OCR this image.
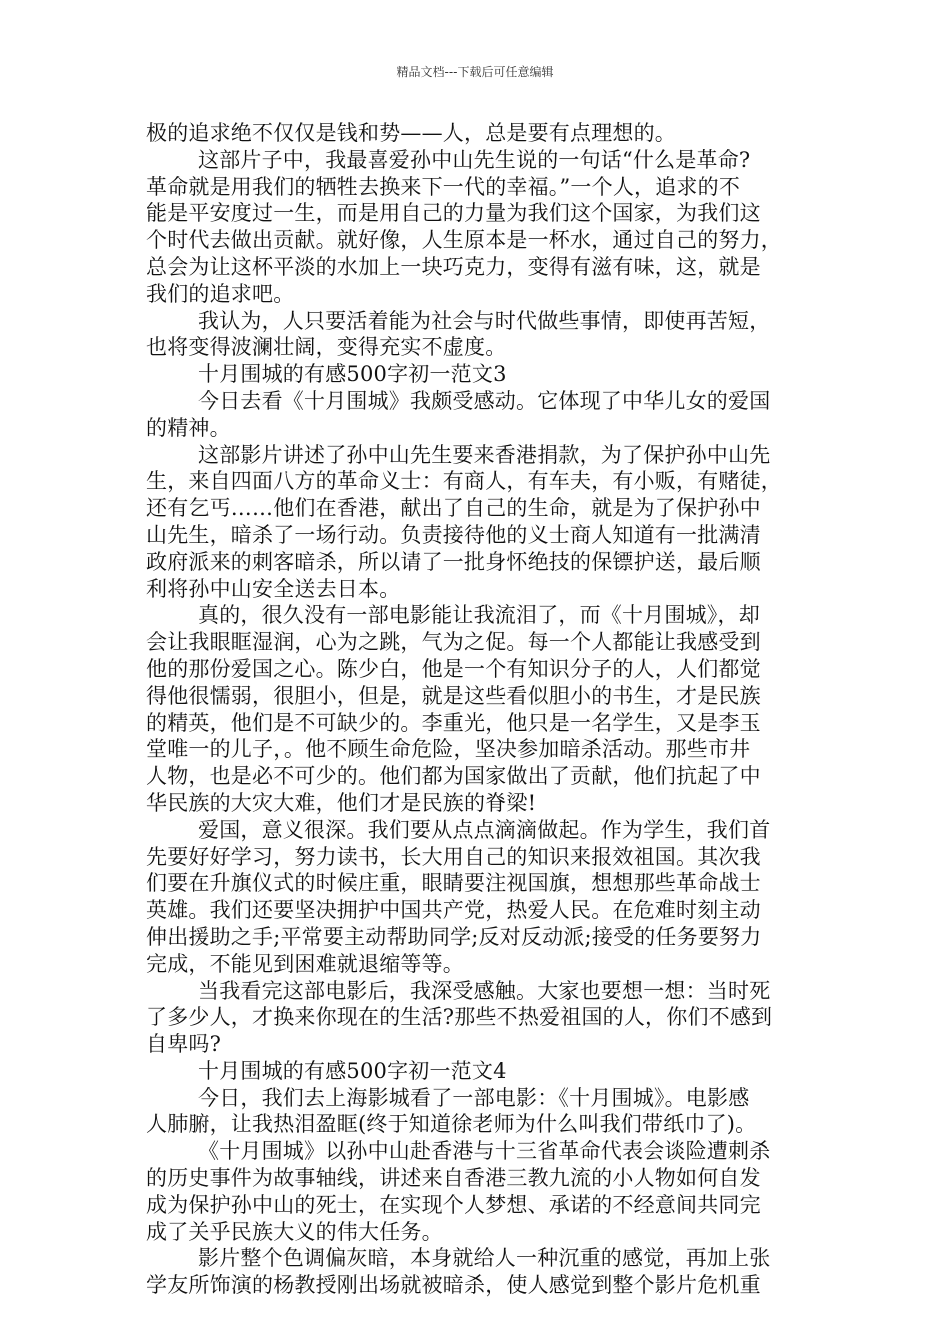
精品文档---下载后可任意编辑
极的追求绝不仅仅是钱和势——人，总是要有点理想的。
这部片子中，我最喜爱孙中山先生说的一句话“什么是革命?
革命就是用我们的牺牲去换来下一代的幸福。”一个人，追求的不
能是平安度过一生，而是用自己的力量为我们这个国家，为我们这
个时代去做出贡献。就好像，人生原本是一杯水，通过自己的努力，
总会为让这杯平淡的水加上一块巧克力，变得有滋有味，这，就是
我们的追求吧。
我认为，人只要活着能为社会与时代做些事情，即使再苦短，
也将变得波澜壮阔，变得充实不虚度。
十月围城的有感500字初一范文3
今日去看《十月围城》我颇受感动。它体现了中华儿女的爱国
的精神。
这部影片讲述了孙中山先生要来香港捐款，为了保护孙中山先
生，来自四面八方的革命义士：有商人，有车夫，有小贩，有赌徒，
还有乞丐……他们在香港，献出了自己的生命，就是为了保护孙中
山先生，暗杀了一场行动。负责接待他的义士商人知道有一批满清
政府派来的刺客暗杀，所以请了一批身怀绝技的保镖护送，最后顺
利将孙中山安全送去日本。
真的，很久没有一部电影能让我流泪了，而《十月围城》，却
会让我眼眶湿润，心为之跳，气为之促。每一个人都能让我感受到
他的那份爱国之心。陈少白，他是一个有知识分子的人，人们都觉
得他很懦弱，很胆小，但是，就是这些看似胆小的书生，才是民族
的精英，他们是不可缺少的。李重光，他只是一名学生，又是李玉
堂唯一的儿子，。他不顾生命危险，坚决参加暗杀活动。那些市井
人物，也是必不可少的。他们都为国家做出了贡献，他们抗起了中
华民族的大灾大难，他们才是民族的脊梁!
爱国，意义很深。我们要从点点滴滴做起。作为学生，我们首
先要好好学习，努力读书，长大用自己的知识来报效祖国。其次我
们要在升旗仪式的时候庄重，眼睛要注视国旗，想想那些革命战士
英雄。我们还要坚决拥护中国共产党，热爱人民。在危难时刻主动
伸出援助之手;平常要主动帮助同学;反对反动派;接受的任务要努力
完成，不能见到困难就退缩等等。
当我看完这部电影后，我深受感触。大家也要想一想：当时死
了多少人，才换来你现在的生活?那些不热爱祖国的人，你们不感到
自卑吗?
十月围城的有感500字初一范文4
今日，我们去上海影城看了一部电影：《十月围城》。电影感
人肺腑，让我热泪盈眶(终于知道徐老师为什么叫我们带纸巾了)。
《十月围城》以孙中山赴香港与十三省革命代表会谈险遭刺杀
的历史事件为故事轴线，讲述来自香港三教九流的小人物如何自发
成为保护孙中山的死士，在实现个人梦想、承诺的不经意间共同完
成了关乎民族大义的伟大任务。
影片整个色调偏灰暗，本身就给人一种沉重的感觉，再加上张
学友所饰演的杨教授刚出场就被暗杀，使人感觉到整个影片危机重
